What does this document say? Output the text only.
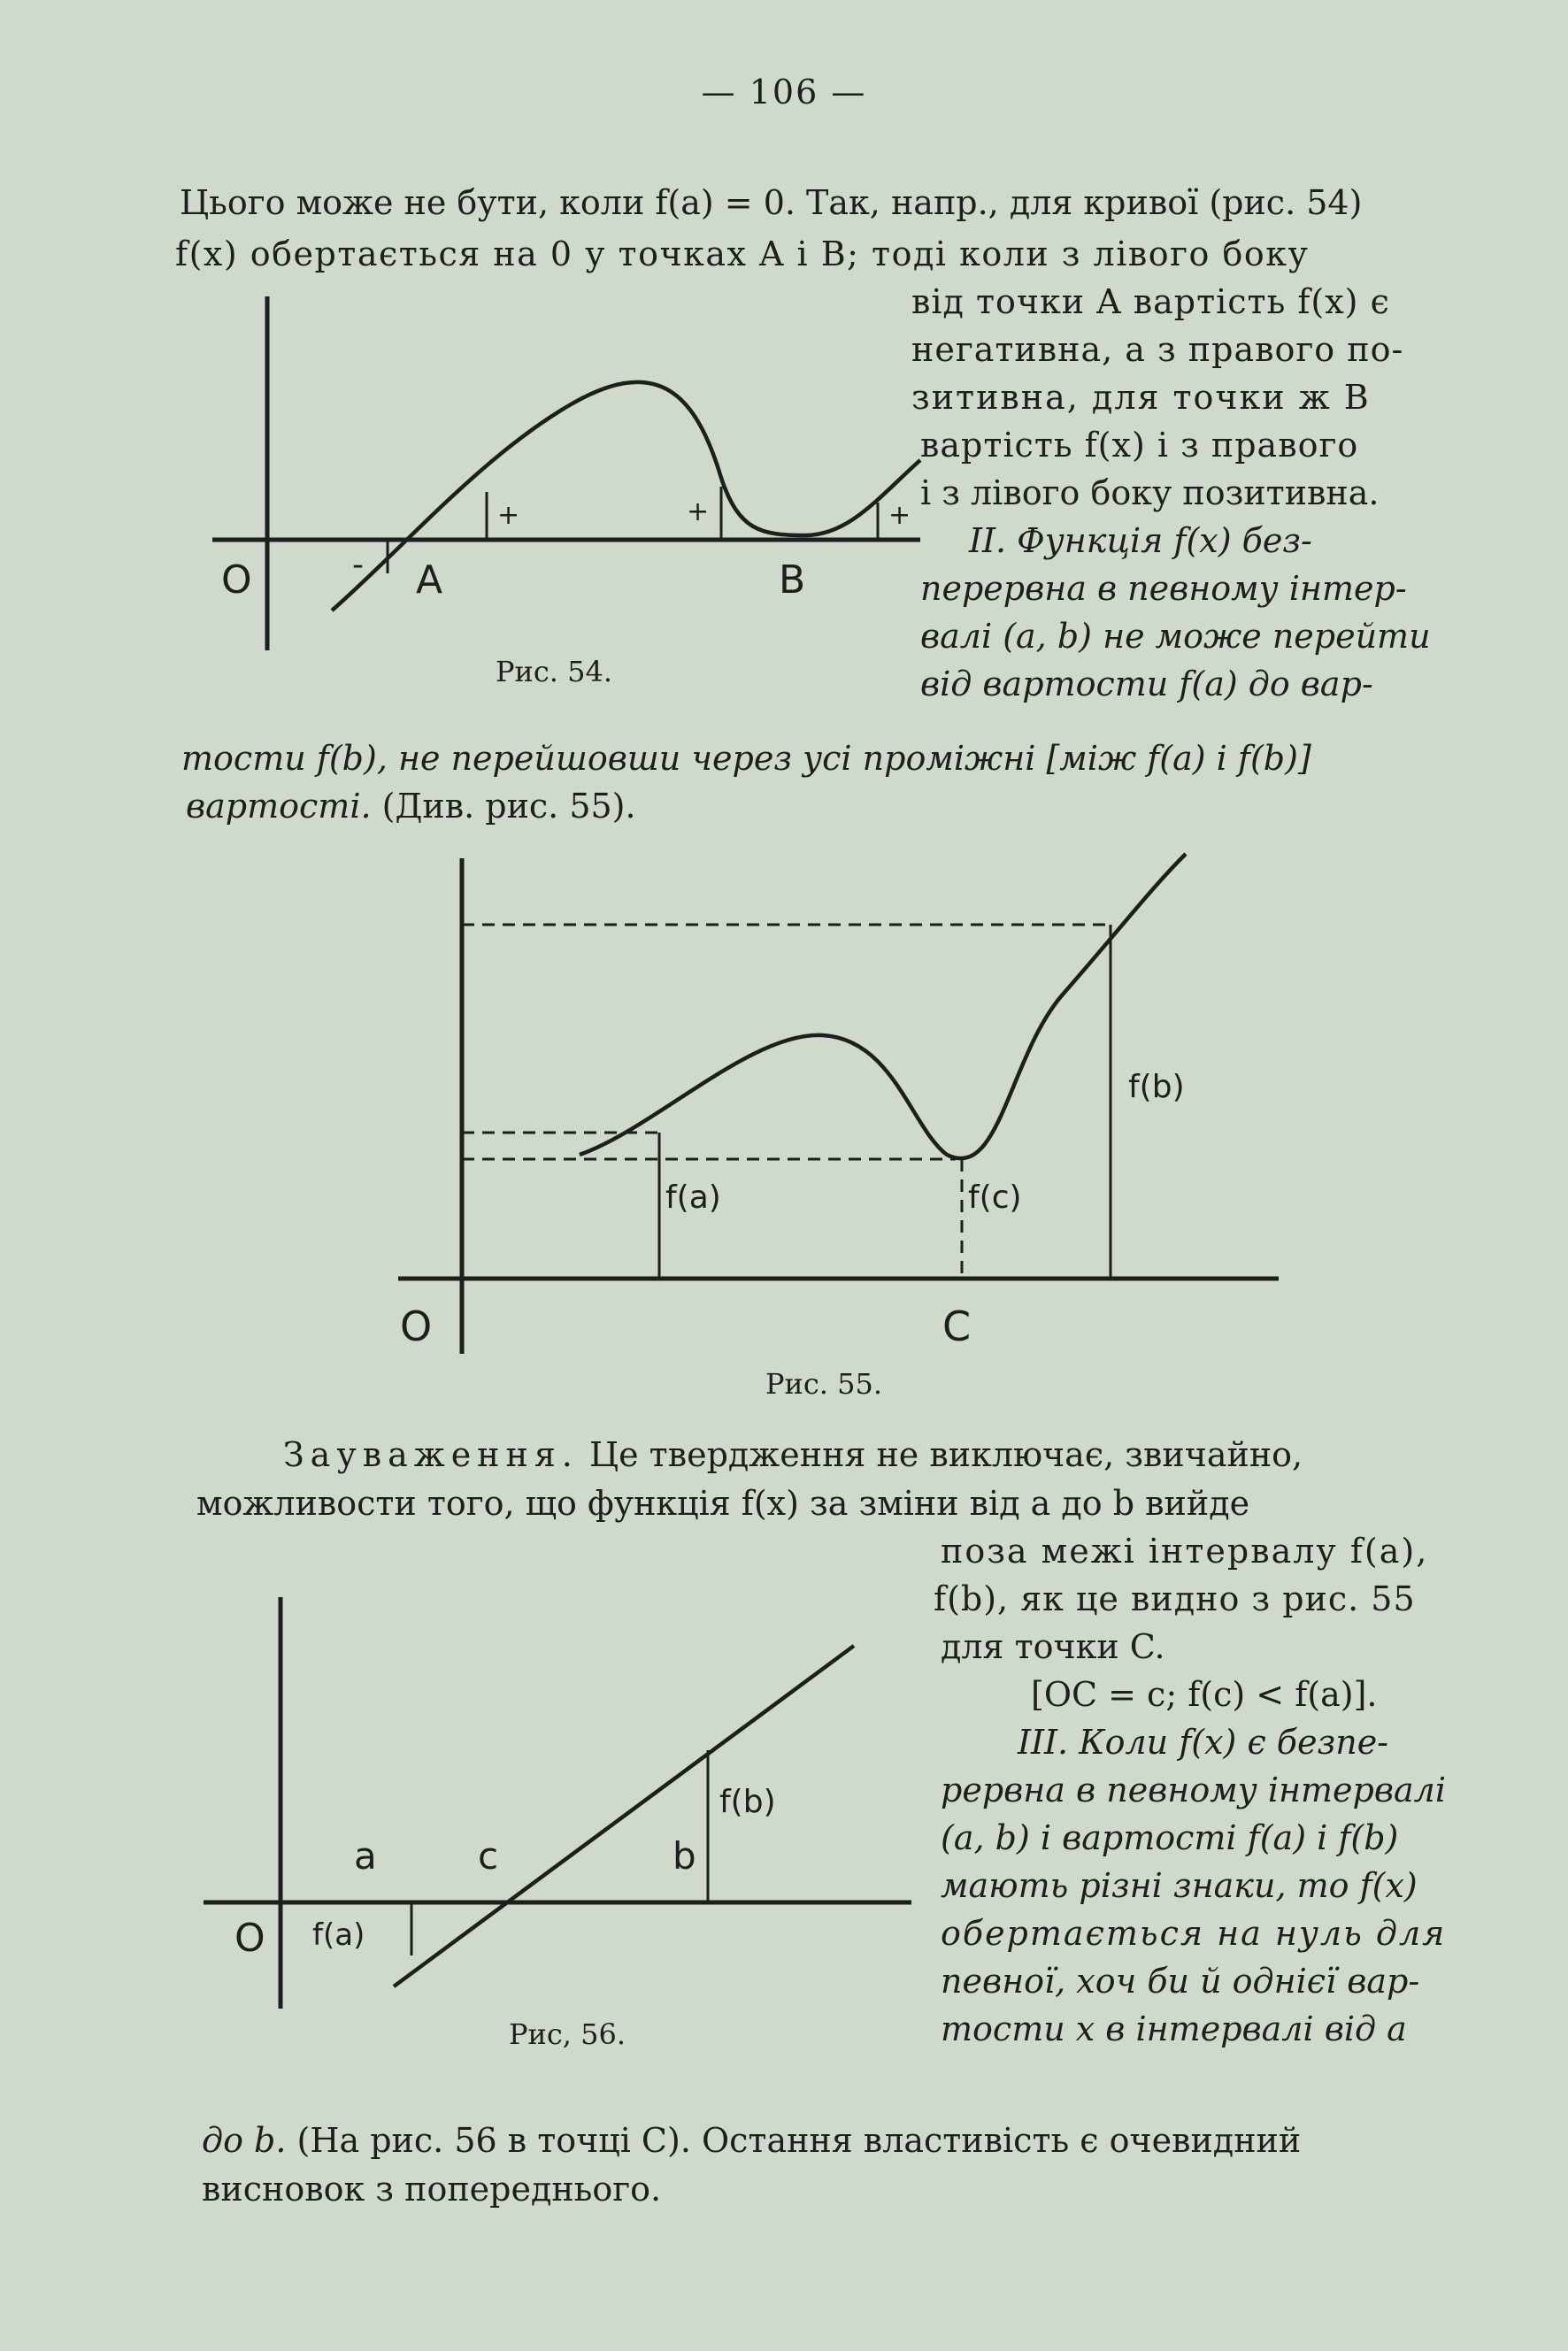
— 106 —
Цього може не бути, коли f(a) = 0. Так, напр., для кривої (рис. 54)
f(x) обертається на 0 у точках A і B; тоді коли з лівого боку
від точки A вартість f(x) є
негативна, а з правого по-
зитивна, для точки ж B
вартість f(x) і з правого
і з лівого боку позитивна.
II. Функція f(x) без-
перервна в певному інтер-
валі (a, b) не може перейти
від вартости f(a) до вар-
тости f(b), не перейшовши через усі проміжні [між f(a) і f(b)]
вартості. (Див. рис. 55).
O	A	B
-
+	+	+
Рис. 54.
O	C
f(a)	f(c)
f(b)
Рис. 55.
Зауваження. Це твердження не виключає, звичайно,
можливости того, що функція f(x) за зміни від a до b вийде
поза межі інтервалу f(a),
f(b), як це видно з рис. 55
для точки C.
[OC = c; f(c) < f(a)].
III. Коли f(x) є безпе-
рервна в певному інтервалі
(a, b) і вартості f(a) і f(b)
мають різні знаки, то f(x)
обертається на нуль для
певної, хоч би й однієї вар-
тости x в інтервалі від a
до b. (На рис. 56 в точці C). Остання властивість є очевидний
висновок з попереднього.
O
a	c	b
f(a)
f(b)
Рис, 56.
